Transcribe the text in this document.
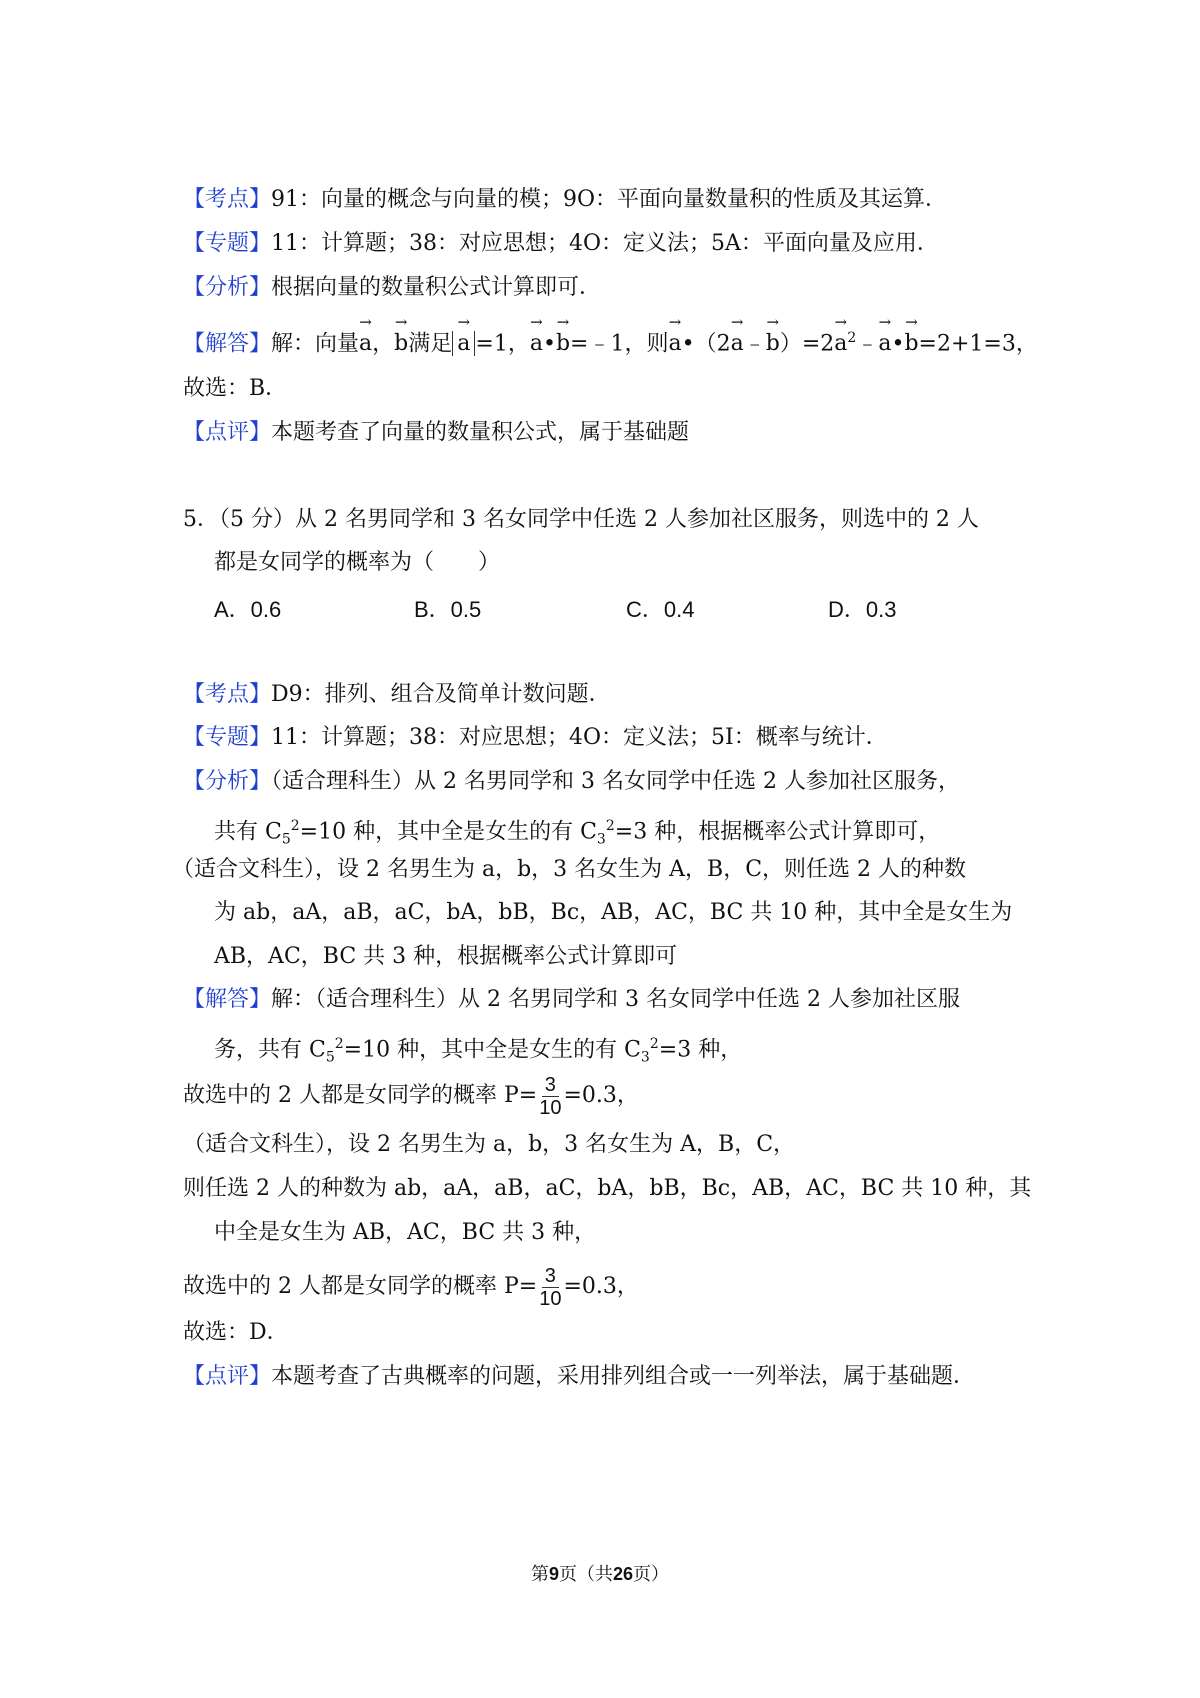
【考点】91：向量的概念与向量的模；9O：平面向量数量积的性质及其运算．
【专题】11：计算题；38：对应思想；4O：定义法；5A：平面向量及应用．
【分析】根据向量的数量积公式计算即可．
【解答】解：向量→ a，→ b满足→ a =1，→ a•→ b=﹣1，则→ a•（2→ a﹣→ $b)=2\to a^2﹣\to$ a•→ b=2+1=3，
故选：B．
【点评】本题考查了向量的数量积公式，属于基础题
5．（5 分）从 2 名男同学和 3 名女同学中任选 2 人参加社区服务，则选中的 2 人
都是女同学的概率为（　　）
A．0.6	B．0.5	C．0.4	D．0.3
【考点】D9：排列、组合及简单计数问题．
【专题】11：计算题；38：对应思想；4O：定义法；5I：概率与统计．
【分析】（适合理科生）从 2 名男同学和 3 名女同学中任选 2 人参加社区服务，
共有 $C_5^2=10$ 种，其中全是女生的有 $C_3^2=3$ 种，根据概率公式计算即可，
（适合文科生），设 2 名男生为 a，b，3 名女生为 A，B，C，则任选 2 人的种数
为 ab，aA，aB，aC，bA，bB，Bc，AB，AC，BC 共 10 种，其中全是女生为
AB，AC，BC 共 3 种，根据概率公式计算即可
【解答】解：（适合理科生）从 2 名男同学和 3 名女同学中任选 2 人参加社区服
务，共有 $C_5^2=10$ 种，其中全是女生的有 $C_3^2=3$ 种，
故选中的 2 人都是女同学的概率 $P= \frac{3}{10} =0.3$，
（适合文科生），设 2 名男生为 a，b，3 名女生为 A，B，C，
则任选 2 人的种数为 ab，aA，aB，aC，bA，bB，Bc，AB，AC，BC 共 10 种，其
中全是女生为 AB，AC，BC 共 3 种，
故选中的 2 人都是女同学的概率 $P= \frac{3}{10} =0.3$，
故选：D．
【点评】本题考查了古典概率的问题，采用排列组合或一一列举法，属于基础题．
第9页（共26页）
